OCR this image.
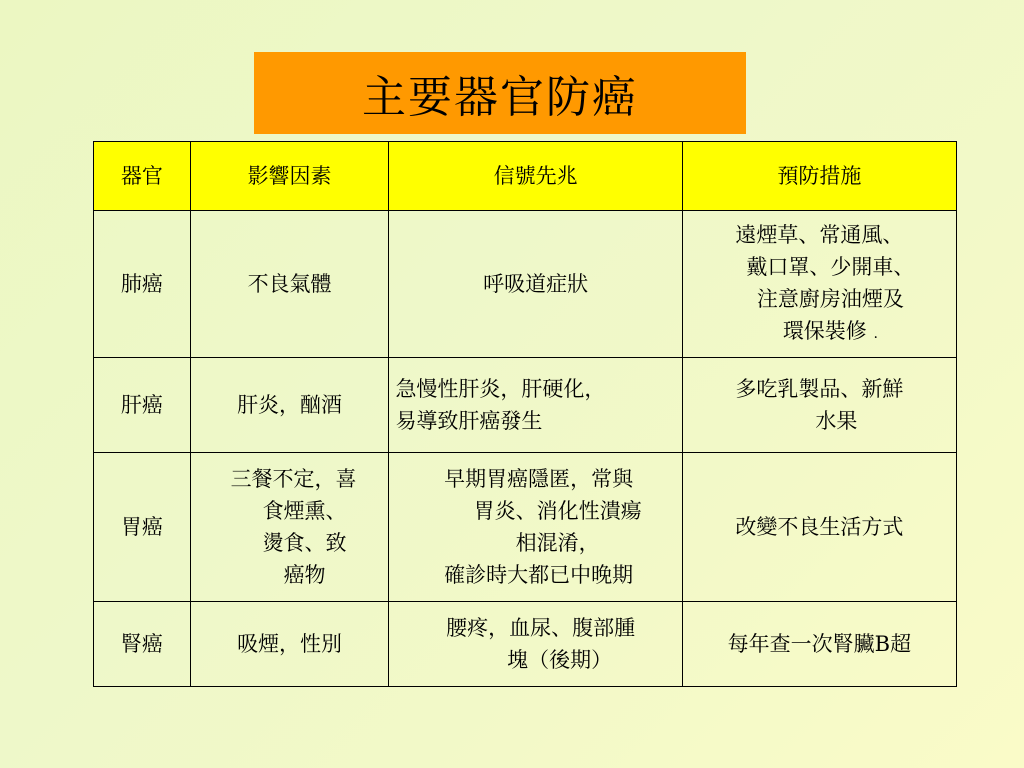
主要器官防癌
器官	影響因素	信號先兆	預防措施
肺癌	不良氣體	呼吸道症狀	遠煙草、常通風、
戴口罩、少開車、
注意廚房油煙及
環保裝修 .

肝癌	肝炎，酗酒	急慢性肝炎，肝硬化，
易導致肝癌發生	多吃乳製品、新鮮
水果

胃癌	三餐不定，喜
食煙熏、
燙食、致
癌物	早期胃癌隱匿，常與
胃炎、消化性潰瘍
相混淆，
確診時大都已中晚期	改變不良生活方式
腎癌	吸煙，性別	腰疼，血尿、腹部腫
塊（後期）	每年查一次腎臟B超
